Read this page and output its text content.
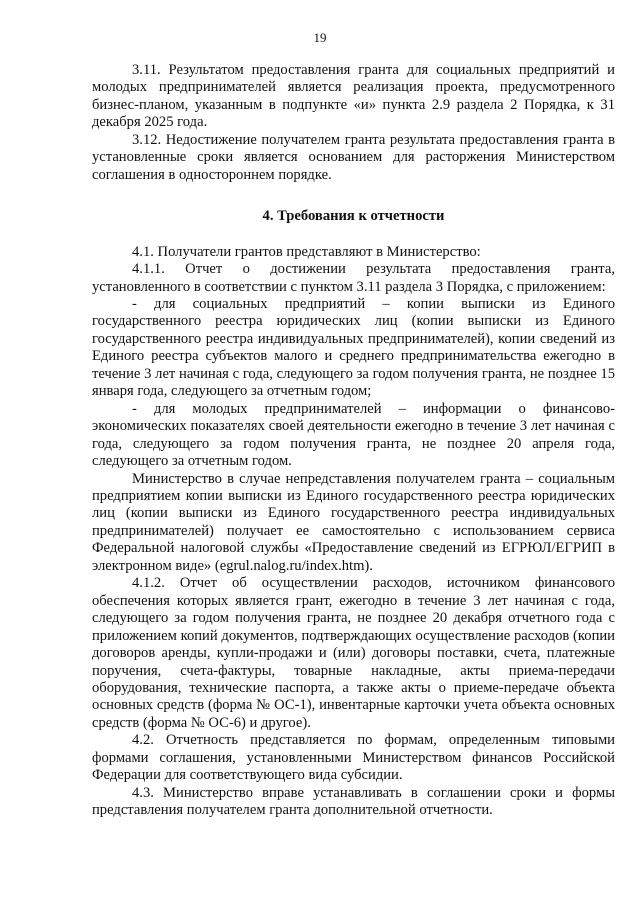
19

3.11. Результатом предоставления гранта для социальных предприятий и молодых предпринимателей является реализация проекта, предусмотренного бизнес-планом, указанным в подпункте «и» пункта 2.9 раздела 2 Порядка, к 31 декабря 2025 года.

3.12. Недостижение получателем гранта результата предоставления гранта в установленные сроки является основанием для расторжения Министерством соглашения в одностороннем порядке.

4. Требования к отчетности

4.1. Получатели грантов представляют в Министерство:

4.1.1. Отчет о достижении результата предоставления гранта, установленного в соответствии с пунктом 3.11 раздела 3 Порядка, с приложением:

- для социальных предприятий – копии выписки из Единого государственного реестра юридических лиц (копии выписки из Единого государственного реестра индивидуальных предпринимателей), копии сведений из Единого реестра субъектов малого и среднего предпринимательства ежегодно в течение 3 лет начиная с года, следующего за годом получения гранта, не позднее 15 января года, следующего за отчетным годом;

- для молодых предпринимателей – информации о финансово-экономических показателях своей деятельности ежегодно в течение 3 лет начиная с года, следующего за годом получения гранта, не позднее 20 апреля года, следующего за отчетным годом.

Министерство в случае непредставления получателем гранта – социальным предприятием копии выписки из Единого государственного реестра юридических лиц (копии выписки из Единого государственного реестра индивидуальных предпринимателей) получает ее самостоятельно с использованием сервиса Федеральной налоговой службы «Предоставление сведений из ЕГРЮЛ/ЕГРИП в электронном виде» (egrul.nalog.ru/index.htm).

4.1.2. Отчет об осуществлении расходов, источником финансового обеспечения которых является грант, ежегодно в течение 3 лет начиная с года, следующего за годом получения гранта, не позднее 20 декабря отчетного года с приложением копий документов, подтверждающих осуществление расходов (копии договоров аренды, купли-продажи и (или) договоры поставки, счета, платежные поручения, счета-фактуры, товарные накладные, акты приема-передачи оборудования, технические паспорта, а также акты о приеме-передаче объекта основных средств (форма № ОС-1), инвентарные карточки учета объекта основных средств (форма № ОС-6) и другое).

4.2. Отчетность представляется по формам, определенным типовыми формами соглашения, установленными Министерством финансов Российской Федерации для соответствующего вида субсидии.

4.3. Министерство вправе устанавливать в соглашении сроки и формы представления получателем гранта дополнительной отчетности.
